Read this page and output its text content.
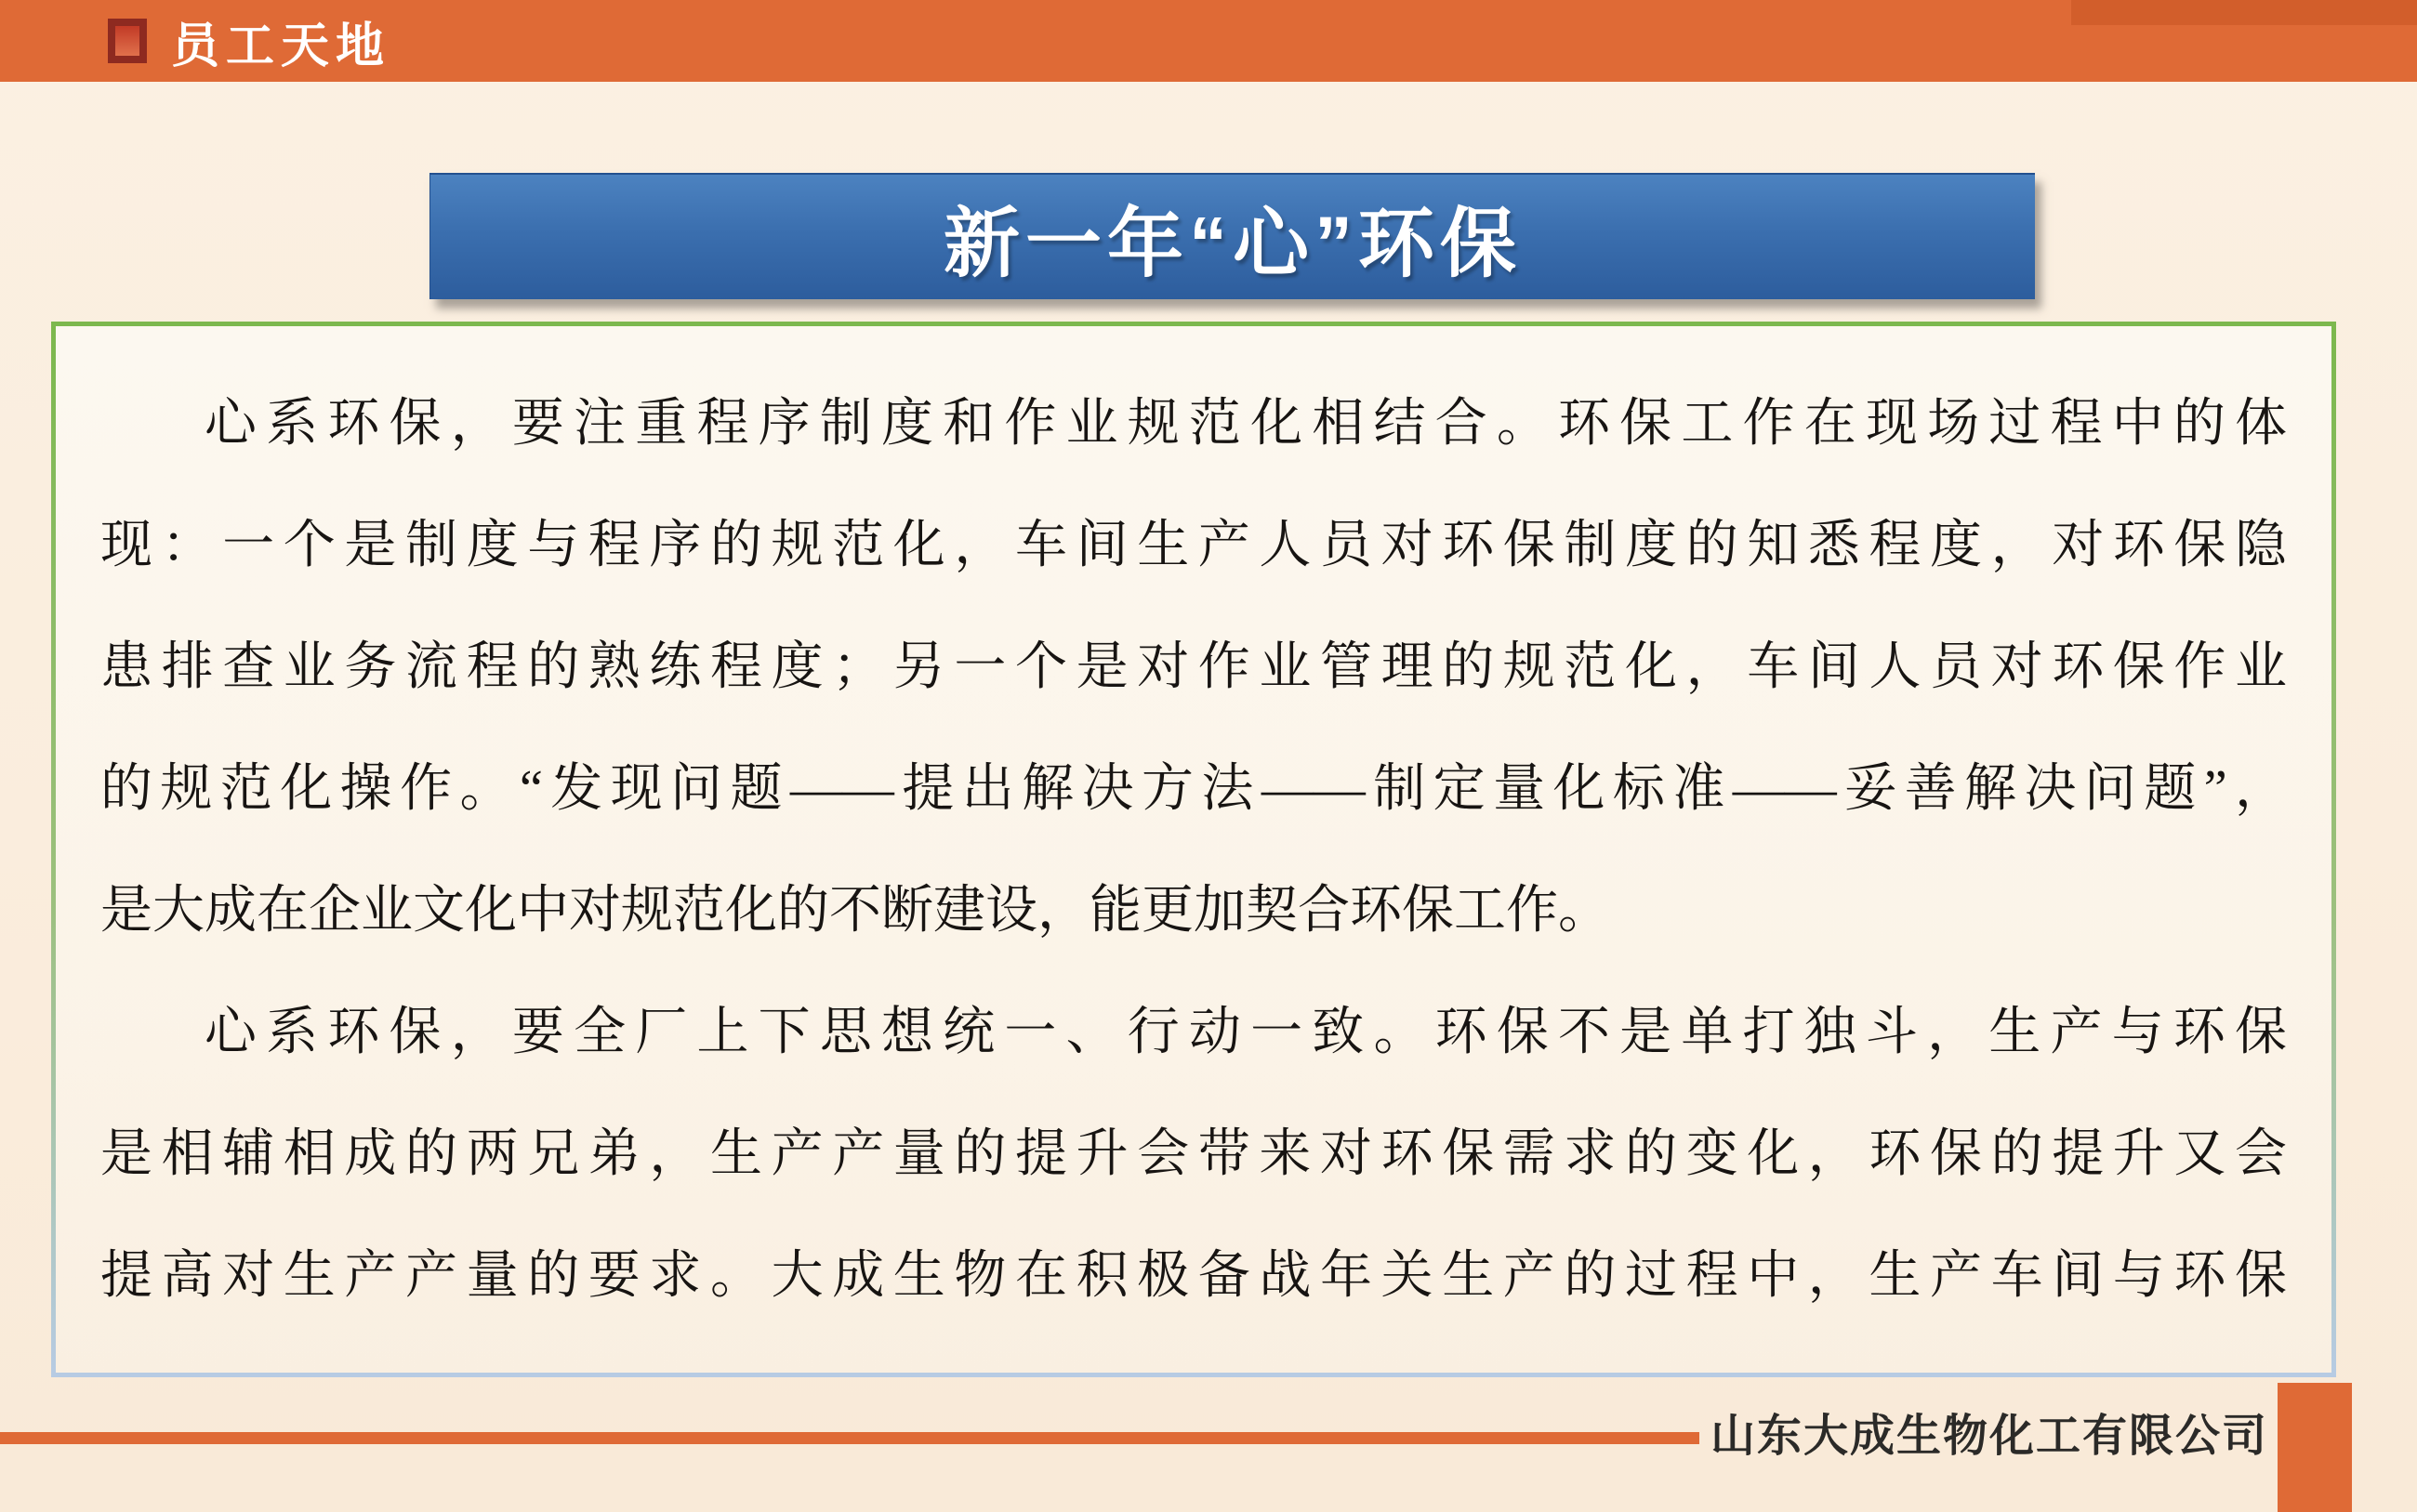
员工天地
新一年“心”环保
心系环保，要注重程序制度和作业规范化相结合。环保工作在现场过程中的体
现：一个是制度与程序的规范化，车间生产人员对环保制度的知悉程度，对环保隐
患排查业务流程的熟练程度；另一个是对作业管理的规范化，车间人员对环保作业
的规范化操作。“发现问题——提出解决方法——制定量化标准——妥善解决问题”，
是大成在企业文化中对规范化的不断建设，能更加契合环保工作。
心系环保，要全厂上下思想统一、行动一致。环保不是单打独斗，生产与环保
是相辅相成的两兄弟，生产产量的提升会带来对环保需求的变化，环保的提升又会
提高对生产产量的要求。大成生物在积极备战年关生产的过程中，生产车间与环保
山东大成生物化工有限公司
